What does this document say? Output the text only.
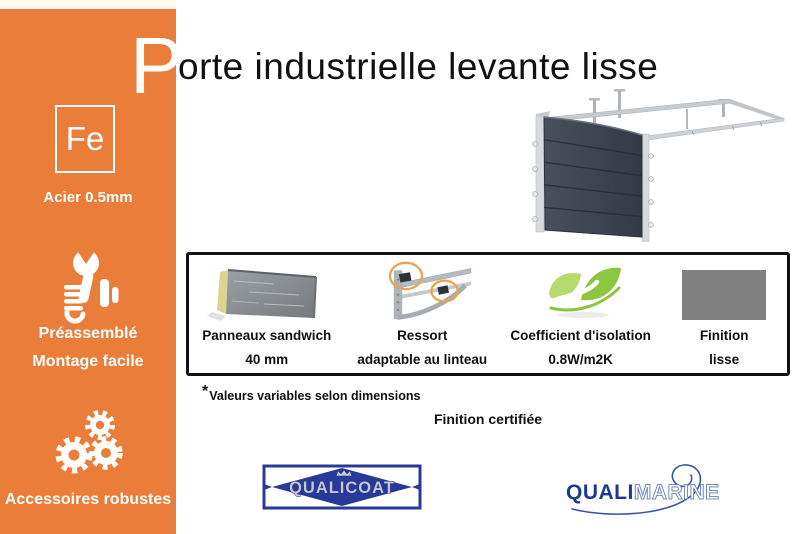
Fe
Acier 0.5mm
Préassemblé
Montage facile
Accessoires robustes
P
orte industrielle levante lisse
Panneaux sandwich
40 mm
Ressort
adaptable au linteau
Coefficient d'isolation
0.8W/m2K
Finition
lisse
*Valeurs variables selon dimensions
Finition certifiée
QUALICOAT	QUALIMARINE
